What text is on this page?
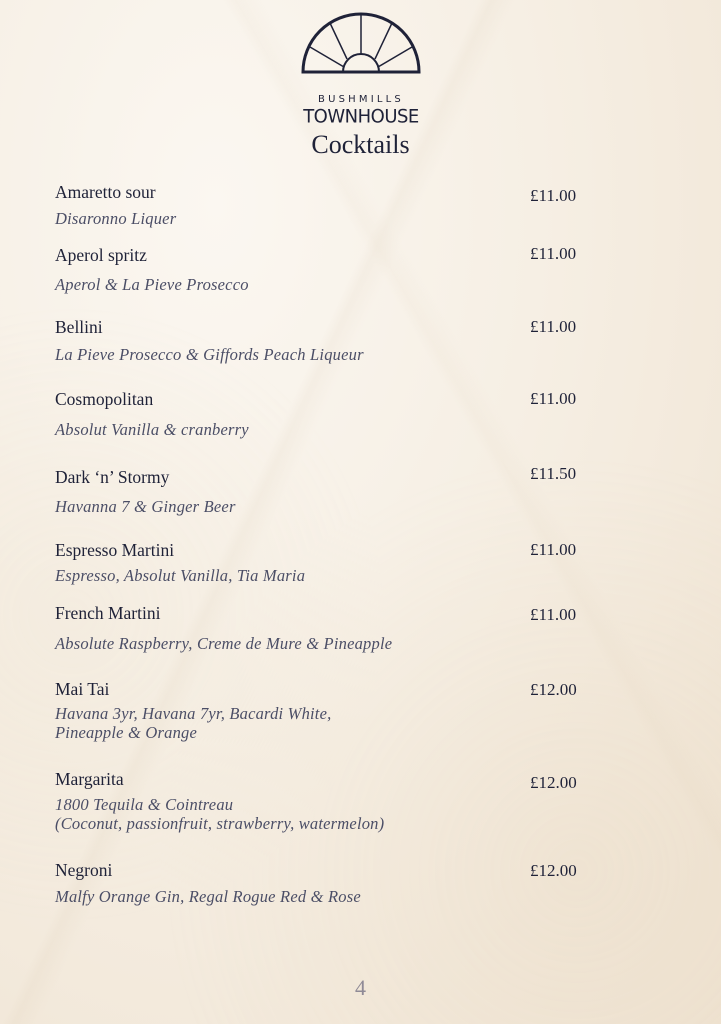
BUSHMILLS
TOWNHOUSE
Cocktails
Amaretto sour
Disaronno Liquer
£11.00
Aperol spritz
Aperol & La Pieve Prosecco
£11.00
Bellini
La Pieve Prosecco & Giffords Peach Liqueur
£11.00
Cosmopolitan
Absolut Vanilla & cranberry
£11.00
Dark ‘n’ Stormy
Havanna 7 & Ginger Beer
£11.50
Espresso Martini
Espresso, Absolut Vanilla, Tia Maria
£11.00
French Martini
Absolute Raspberry, Creme de Mure & Pineapple
£11.00
Mai Tai
Havana 3yr, Havana 7yr, Bacardi White,
Pineapple & Orange
£12.00
Margarita
1800 Tequila & Cointreau
(Coconut, passionfruit, strawberry, watermelon)
£12.00
Negroni
Malfy Orange Gin, Regal Rogue Red & Rose
£12.00
4
